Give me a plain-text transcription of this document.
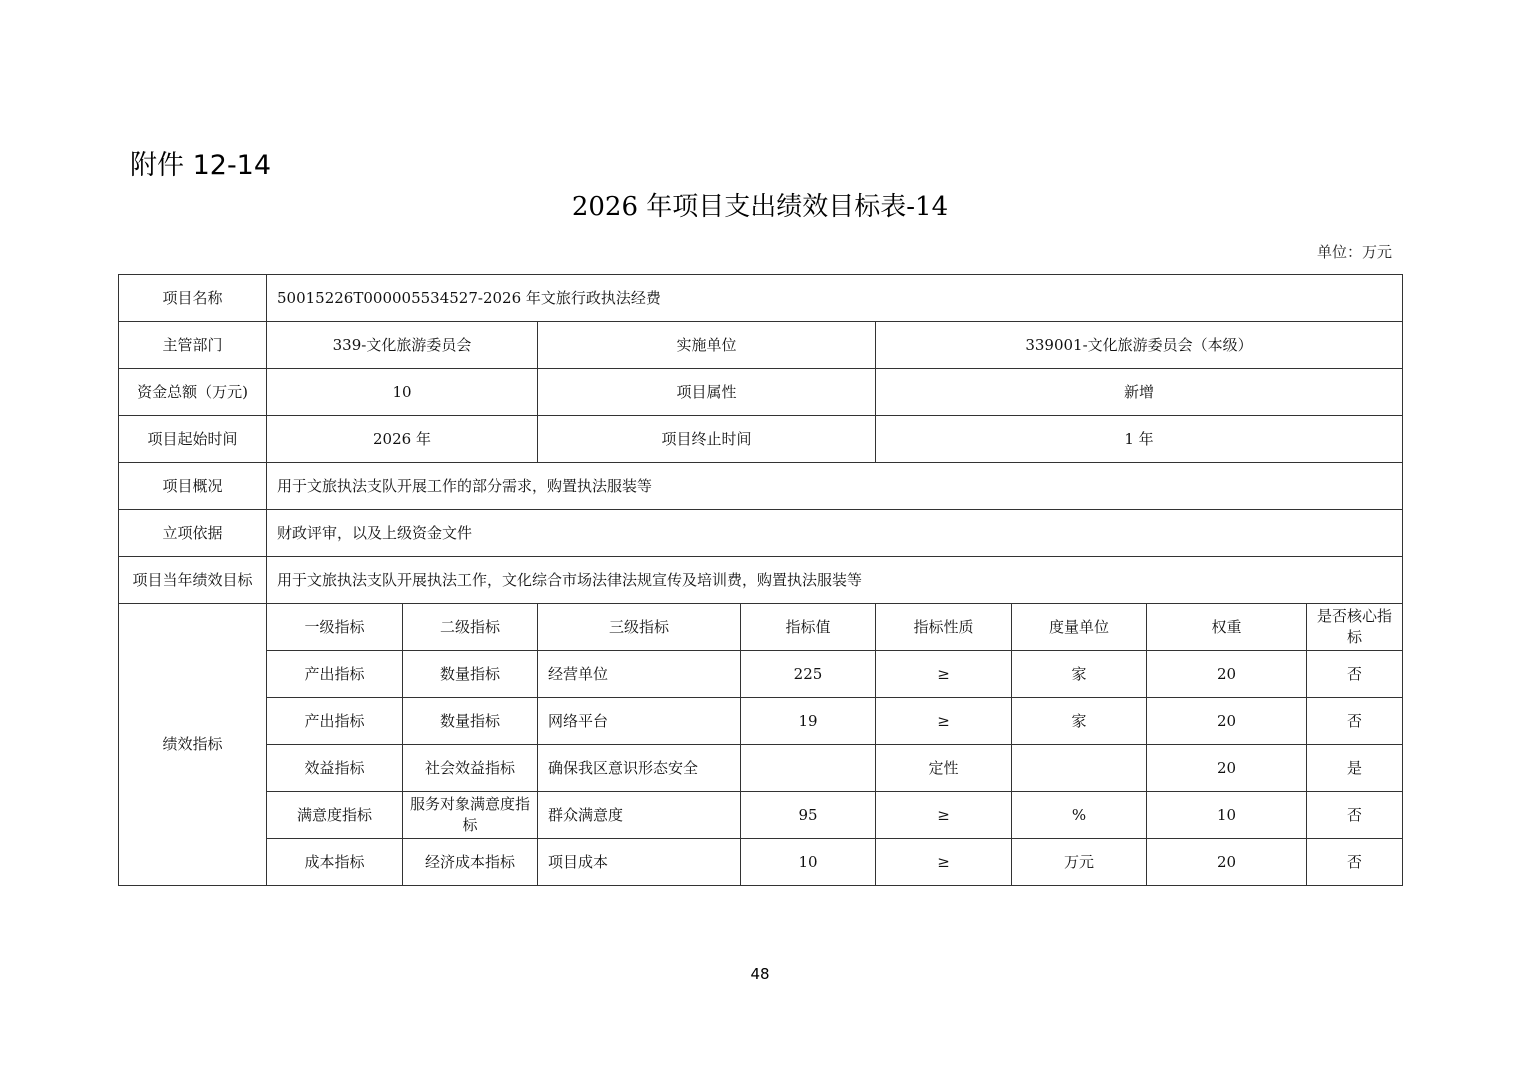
附件 12-14
2026 年项目支出绩效目标表-14
单位：万元
项目名称	50015226T000005534527-2026 年文旅行政执法经费							
主管部门	339-文化旅游委员会		实施单位		339001-文化旅游委员会（本级）			
资金总额（万元)	10		项目属性		新增			
项目起始时间	2026 年		项目终止时间		1 年			
项目概况	用于文旅执法支队开展工作的部分需求，购置执法服装等							
立项依据	财政评审，以及上级资金文件							
项目当年绩效目标	用于文旅执法支队开展执法工作，文化综合市场法律法规宣传及培训费，购置执法服装等							
绩效指标	一级指标	二级指标	三级指标	指标值	指标性质	度量单位	权重	是否核心指标
	产出指标	数量指标	经营单位	225	≥	家	20	否
	产出指标	数量指标	网络平台	19	≥	家	20	否
	效益指标	社会效益指标	确保我区意识形态安全		定性		20	是
	满意度指标	服务对象满意度指标	群众满意度	95	≥	%	10	否
	成本指标	经济成本指标	项目成本	10	≥	万元	20	否
48
